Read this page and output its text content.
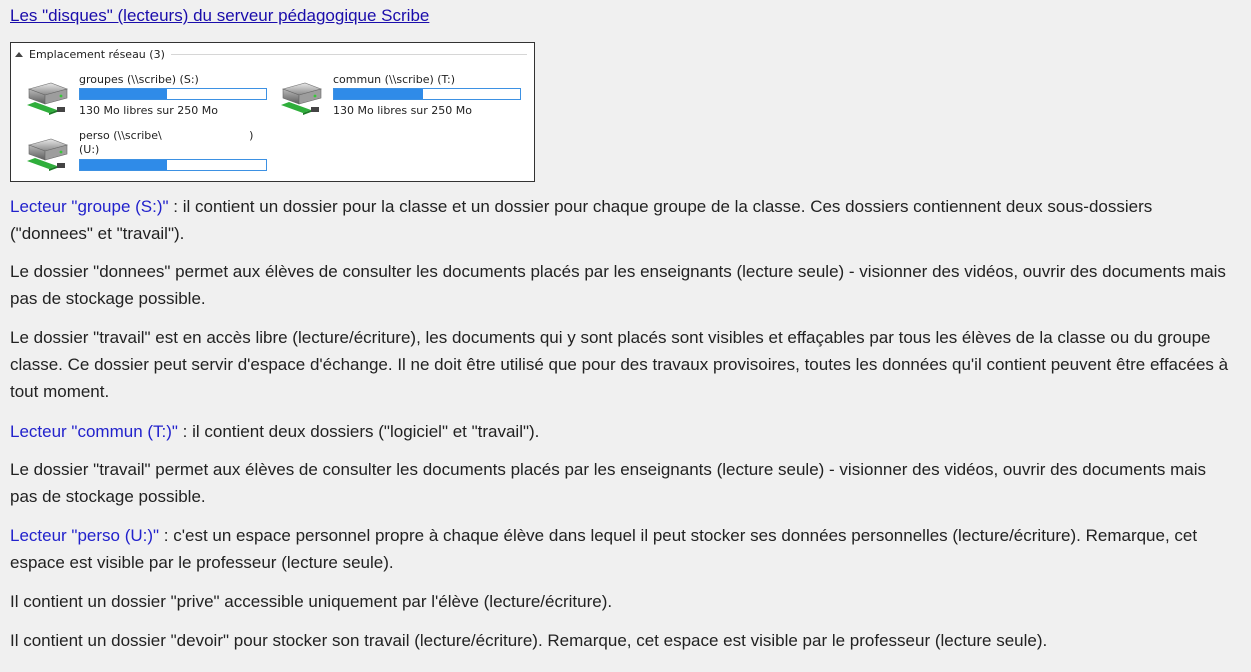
Les "disques" (lecteurs) du serveur pédagogique Scribe
Emplacement réseau (3)
groupes (\\scribe) (S:)
130 Mo libres sur 250 Mo
commun (\\scribe) (T:)
130 Mo libres sur 250 Mo
perso (\\scribe\                         )
(U:)

Lecteur "groupe (S:)" : il contient un dossier pour la classe et un dossier pour chaque groupe de la classe. Ces dossiers contiennent deux sous-dossiers ("donnees" et "travail").

Le dossier "donnees" permet aux élèves de consulter les documents placés par les enseignants (lecture seule) - visionner des vidéos, ouvrir des documents mais pas de stockage possible.

Le dossier "travail" est en accès libre (lecture/écriture), les documents qui y sont placés sont visibles et effaçables par tous les élèves de la classe ou du groupe classe. Ce dossier peut servir d'espace d'échange. Il ne doit être utilisé que pour des travaux provisoires, toutes les données qu'il contient peuvent être effacées à tout moment.

Lecteur "commun (T:)" : il contient deux dossiers ("logiciel" et "travail").

Le dossier "travail" permet aux élèves de consulter les documents placés par les enseignants (lecture seule) - visionner des vidéos, ouvrir des documents mais pas de stockage possible.

Lecteur "perso (U:)" : c'est un espace personnel propre à chaque élève dans lequel il peut stocker ses données personnelles (lecture/écriture). Remarque, cet espace est visible par le professeur (lecture seule).

Il contient un dossier "prive" accessible uniquement par l'élève (lecture/écriture).

Il contient un dossier "devoir" pour stocker son travail (lecture/écriture). Remarque, cet espace est visible par le professeur (lecture seule).
